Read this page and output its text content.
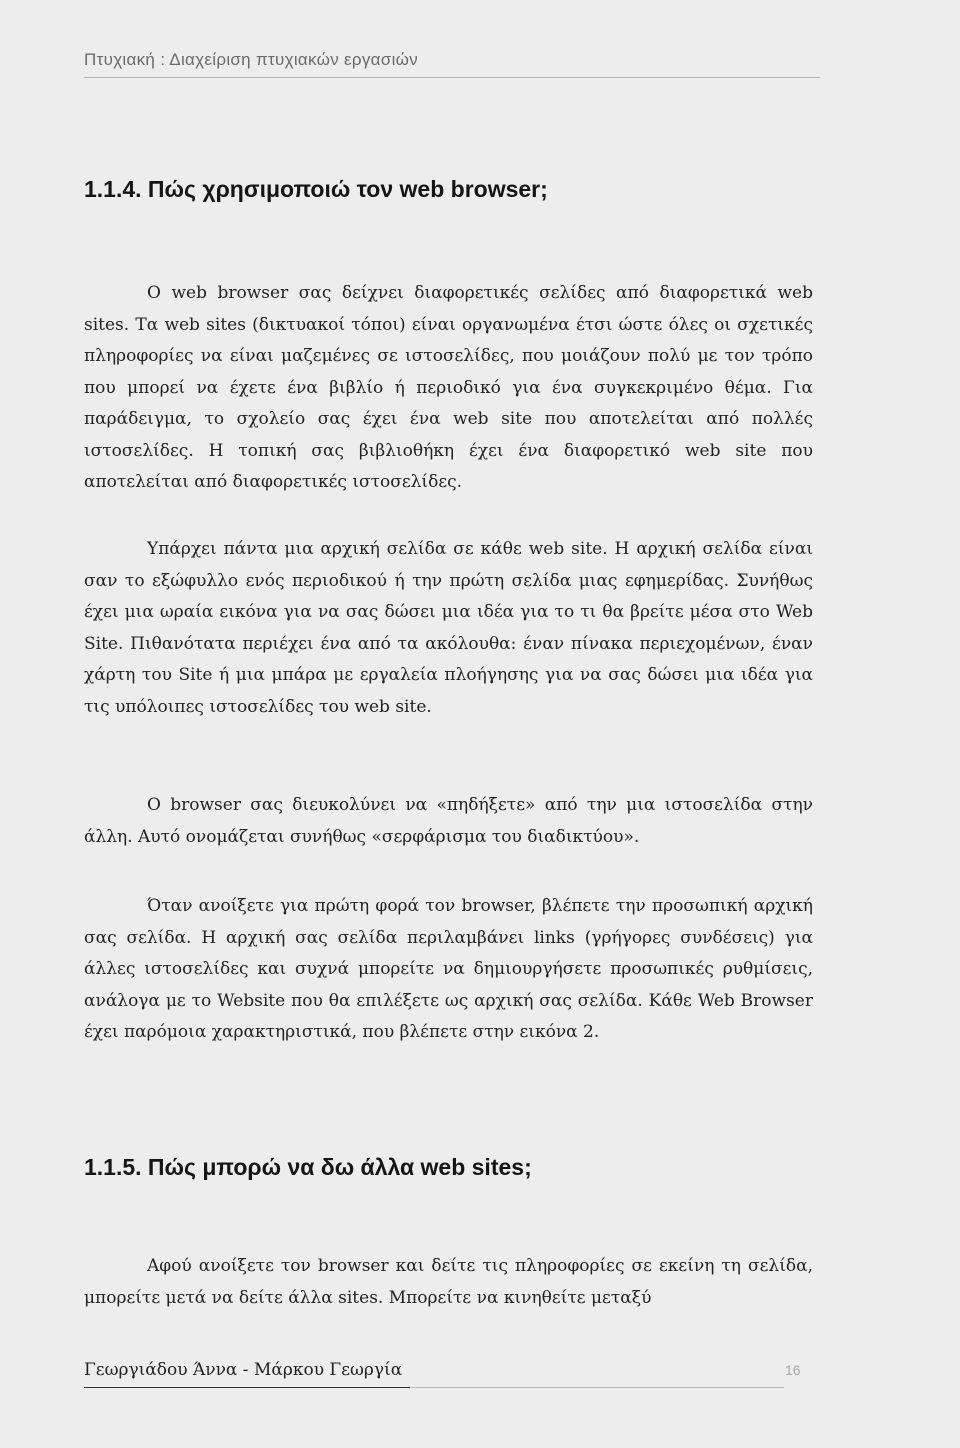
Πτυχιακή : Διαχείριση πτυχιακών εργασιών
1.1.4. Πώς χρησιμοποιώ τον web browser;

Ο web browser σας δείχνει διαφορετικές σελίδες από διαφορετικά web sites. Τα web sites (δικτυακοί τόποι) είναι οργανωμένα έτσι ώστε όλες οι σχετικές πληροφορίες να είναι μαζεμένες σε ιστοσελίδες, που μοιάζουν πολύ με τον τρόπο που μπορεί να έχετε ένα βιβλίο ή περιοδικό για ένα συγκεκριμένο θέμα. Για παράδειγμα, το σχολείο σας έχει ένα web site που αποτελείται από πολλές ιστοσελίδες. Η τοπική σας βιβλιοθήκη έχει ένα διαφορετικό web site που αποτελείται από διαφορετικές ιστοσελίδες.

Υπάρχει πάντα μια αρχική σελίδα σε κάθε web site. Η αρχική σελίδα είναι σαν το εξώφυλλο ενός περιοδικού ή την πρώτη σελίδα μιας εφημερίδας. Συνήθως έχει μια ωραία εικόνα για να σας δώσει μια ιδέα για το τι θα βρείτε μέσα στο Web Site. Πιθανότατα περιέχει ένα από τα ακόλουθα: έναν πίνακα περιεχομένων, έναν χάρτη του Site ή μια μπάρα με εργαλεία πλοήγησης για να σας δώσει μια ιδέα για τις υπόλοιπες ιστοσελίδες του web site.

Ο browser σας διευκολύνει να «πηδήξετε» από την μια ιστοσελίδα στην άλλη. Αυτό ονομάζεται συνήθως «σερφάρισμα του διαδικτύου».

Όταν ανοίξετε για πρώτη φορά τον browser, βλέπετε την προσωπική αρχική σας σελίδα. Η αρχική σας σελίδα περιλαμβάνει links (γρήγορες συνδέσεις) για άλλες ιστοσελίδες και συχνά μπορείτε να δημιουργήσετε προσωπικές ρυθμίσεις, ανάλογα με το Website που θα επιλέξετε ως αρχική σας σελίδα. Κάθε Web Browser έχει παρόμοια χαρακτηριστικά, που βλέπετε στην εικόνα 2.

1.1.5. Πώς μπορώ να δω άλλα web sites;

Αφού ανοίξετε τον browser και δείτε τις πληροφορίες σε εκείνη τη σελίδα, μπορείτε μετά να δείτε άλλα sites. Μπορείτε να κινηθείτε μεταξύ

Γεωργιάδου Άννα - Μάρκου Γεωργία	16
